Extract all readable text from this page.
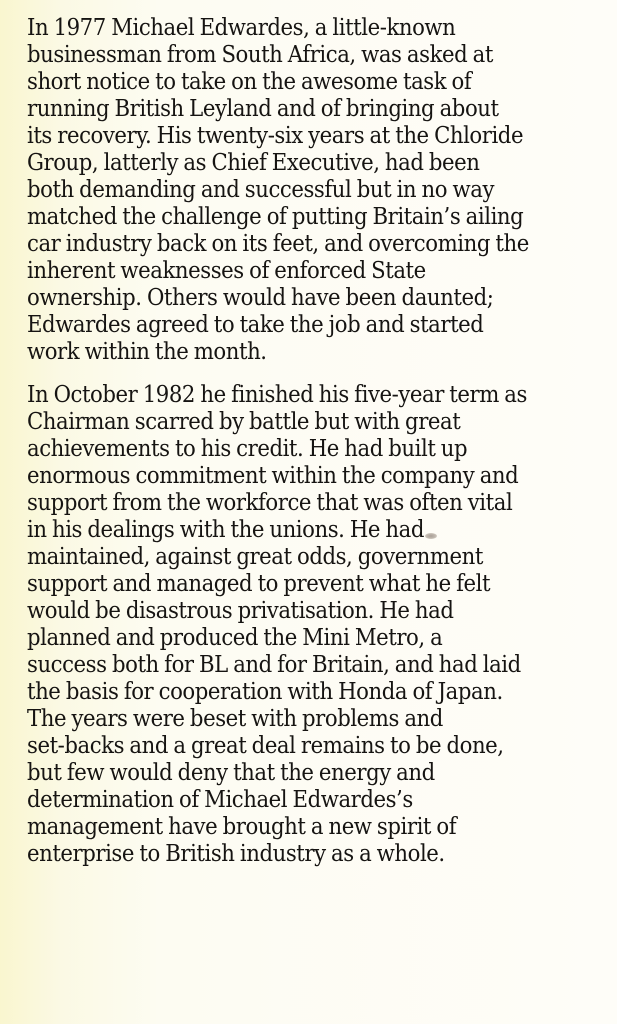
In 1977 Michael Edwardes, a little-known
businessman from South Africa, was asked at
short notice to take on the awesome task of
running British Leyland and of bringing about
its recovery. His twenty-six years at the Chloride
Group, latterly as Chief Executive, had been
both demanding and successful but in no way
matched the challenge of putting Britain’s ailing
car industry back on its feet, and overcoming the
inherent weaknesses of enforced State
ownership. Others would have been daunted;
Edwardes agreed to take the job and started
work within the month.
In October 1982 he finished his five-year term as
Chairman scarred by battle but with great
achievements to his credit. He had built up
enormous commitment within the company and
support from the workforce that was often vital
in his dealings with the unions. He had
maintained, against great odds, government
support and managed to prevent what he felt
would be disastrous privatisation. He had
planned and produced the Mini Metro, a
success both for BL and for Britain, and had laid
the basis for cooperation with Honda of Japan.
The years were beset with problems and
set-backs and a great deal remains to be done,
but few would deny that the energy and
determination of Michael Edwardes’s
management have brought a new spirit of
enterprise to British industry as a whole.
